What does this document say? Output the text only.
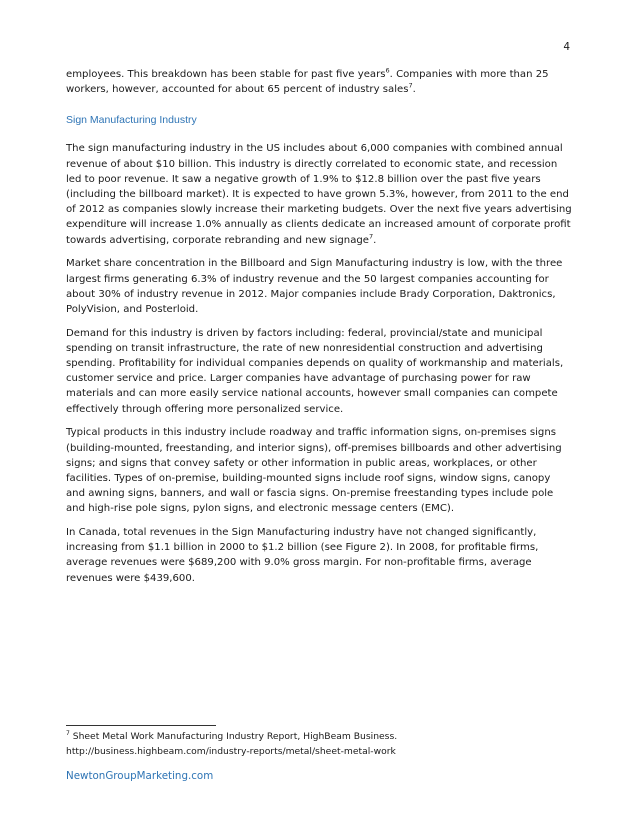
4

employees. This breakdown has been stable for past five years$^6$. Companies with more than 25 workers, however, accounted for about 65 percent of industry sales$^7$.

Sign Manufacturing Industry

The sign manufacturing industry in the US includes about 6,000 companies with combined annual revenue of about $10 billion. This industry is directly correlated to economic state, and recession led to poor revenue. It saw a negative growth of 1.9% to $12.8 billion over the past five years (including the billboard market). It is expected to have grown 5.3%, however, from 2011 to the end of 2012 as companies slowly increase their marketing budgets. Over the next five years advertising expenditure will increase 1.0% annually as clients dedicate an increased amount of corporate profit towards advertising, corporate rebranding and new signage$^7$.

Market share concentration in the Billboard and Sign Manufacturing industry is low, with the three largest firms generating 6.3% of industry revenue and the 50 largest companies accounting for about 30% of industry revenue in 2012. Major companies include Brady Corporation, Daktronics, PolyVision, and Posterloid.

Demand for this industry is driven by factors including: federal, provincial/state and municipal spending on transit infrastructure, the rate of new nonresidential construction and advertising spending. Profitability for individual companies depends on quality of workmanship and materials, customer service and price. Larger companies have advantage of purchasing power for raw materials and can more easily service national accounts, however small companies can compete effectively through offering more personalized service.

Typical products in this industry include roadway and traffic information signs, on-premises signs (building-mounted, freestanding, and interior signs), off-premises billboards and other advertising signs; and signs that convey safety or other information in public areas, workplaces, or other facilities. Types of on-premise, building-mounted signs include roof signs, window signs, canopy and awning signs, banners, and wall or fascia signs. On-premise freestanding types include pole and high-rise pole signs, pylon signs, and electronic message centers (EMC).

In Canada, total revenues in the Sign Manufacturing industry have not changed significantly, increasing from $1.1 billion in 2000 to $1.2 billion (see Figure 2). In 2008, for profitable firms, average revenues were $689,200 with 9.0% gross margin. For non-profitable firms, average revenues were $439,600.

$^7$ Sheet Metal Work Manufacturing Industry Report, HighBeam Business.
http://business.highbeam.com/industry-reports/metal/sheet-metal-work
NewtonGroupMarketing.com
